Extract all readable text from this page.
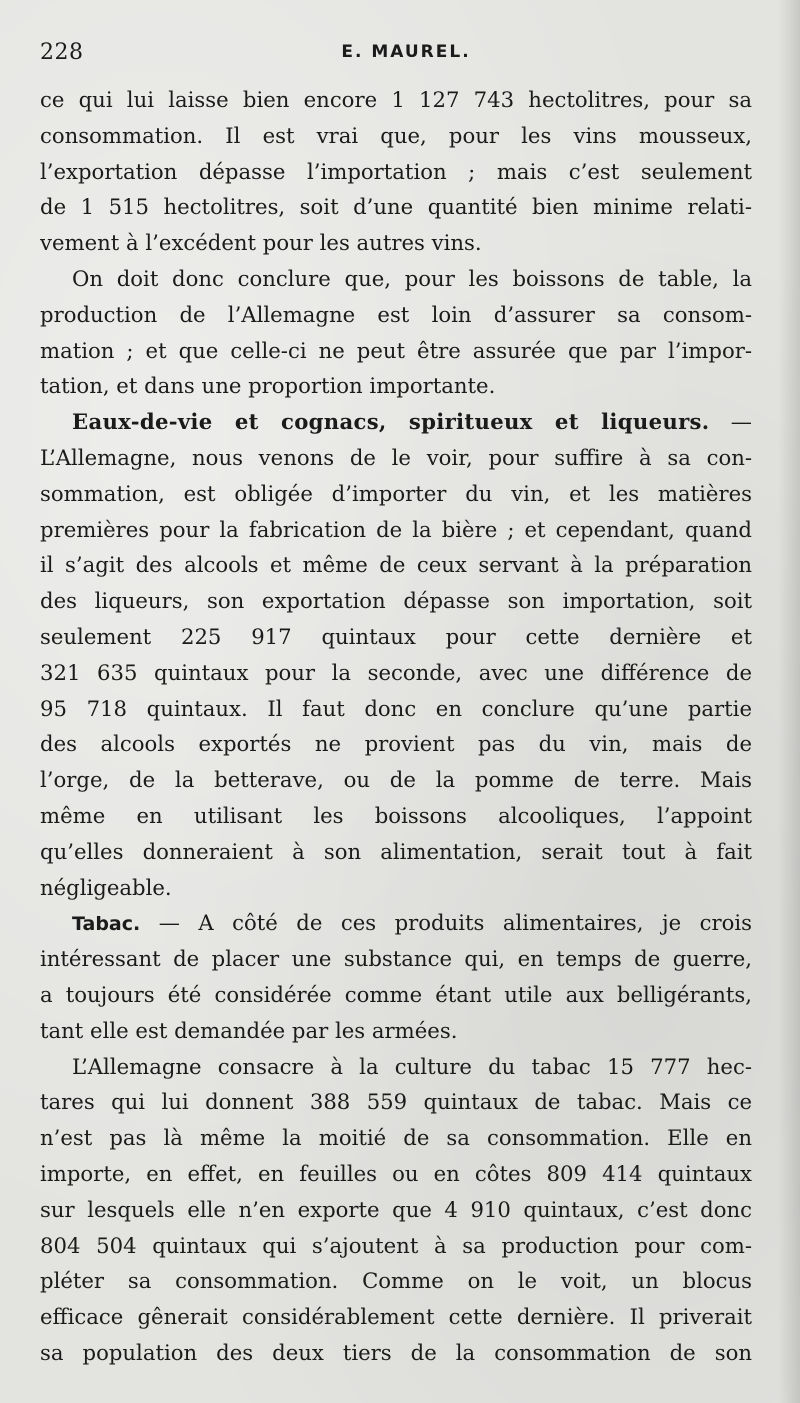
228	E. MAUREL.
ce qui lui laisse bien encore 1 127 743 hectolitres, pour sa
consommation. Il est vrai que, pour les vins mousseux,
l’exportation dépasse l’importation ; mais c’est seulement
de 1 515 hectolitres, soit d’une quantité bien minime relati-
vement à l’excédent pour les autres vins.
On doit donc conclure que, pour les boissons de table, la
production de l’Allemagne est loin d’assurer sa consom-
mation ; et que celle-ci ne peut être assurée que par l’impor-
tation, et dans une proportion importante.
Eaux-de-vie et cognacs, spiritueux et liqueurs. —
L’Allemagne, nous venons de le voir, pour suffire à sa con-
sommation, est obligée d’importer du vin, et les matières
premières pour la fabrication de la bière ; et cependant, quand
il s’agit des alcools et même de ceux servant à la préparation
des liqueurs, son exportation dépasse son importation, soit
seulement 225 917 quintaux pour cette dernière et
321 635 quintaux pour la seconde, avec une différence de
95 718 quintaux. Il faut donc en conclure qu’une partie
des alcools exportés ne provient pas du vin, mais de
l’orge, de la betterave, ou de la pomme de terre. Mais
même en utilisant les boissons alcooliques, l’appoint
qu’elles donneraient à son alimentation, serait tout à fait
négligeable.
Tabac. — A côté de ces produits alimentaires, je crois
intéressant de placer une substance qui, en temps de guerre,
a toujours été considérée comme étant utile aux belligérants,
tant elle est demandée par les armées.
L’Allemagne consacre à la culture du tabac 15 777 hec-
tares qui lui donnent 388 559 quintaux de tabac. Mais ce
n’est pas là même la moitié de sa consommation. Elle en
importe, en effet, en feuilles ou en côtes 809 414 quintaux
sur lesquels elle n’en exporte que 4 910 quintaux, c’est donc
804 504 quintaux qui s’ajoutent à sa production pour com-
pléter sa consommation. Comme on le voit, un blocus
efficace gênerait considérablement cette dernière. Il priverait
sa population des deux tiers de la consommation de son
